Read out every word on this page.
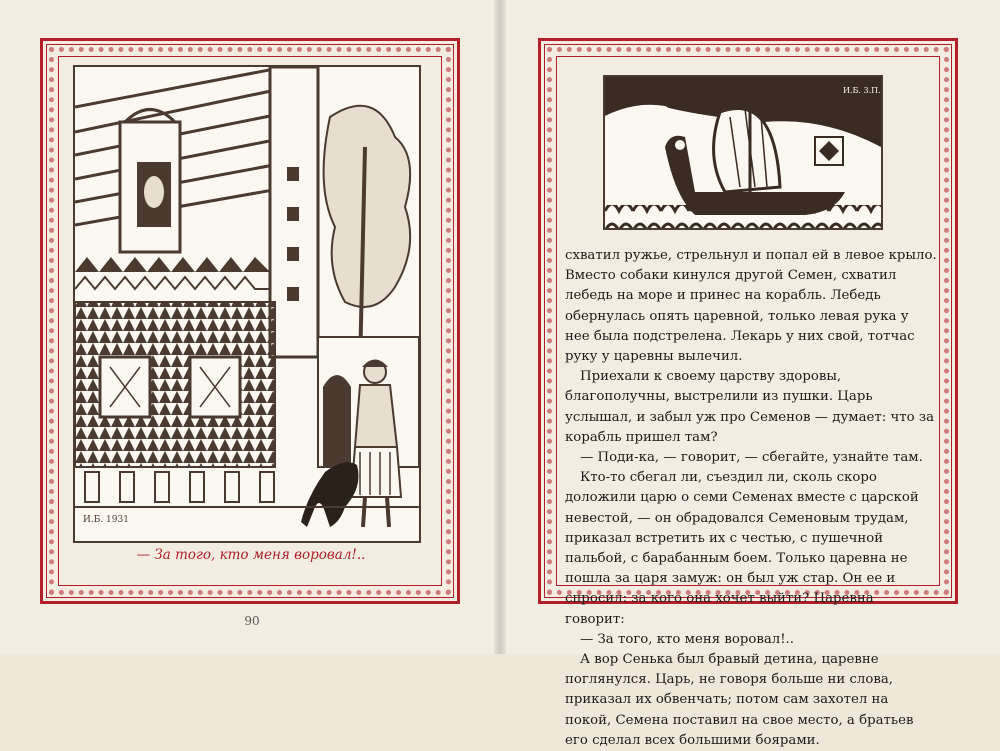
И.Б. 1931
— За того, кто меня воровал!..
90
И.Б. 3.П.

схватил ружье, стрельнул и попал ей в левое крыло. Вместо собаки кинулся другой Семен, схватил лебедь на море и принес на корабль. Лебедь обернулась опять царевной, только левая рука у нее была подстрелена. Лекарь у них свой, тотчас руку у царевны вылечил.

Приехали к своему царству здоровы, благополучны, выстрелили из пушки. Царь услышал, и забыл уж про Семенов — думает: что за корабль пришел там?

— Поди-ка, — говорит, — сбегайте, узнайте там.

Кто-то сбегал ли, съездил ли, сколь скоро доложили царю о семи Семенах вместе с царской невестой, — он обрадовался Семеновым трудам, приказал встретить их с честью, с пушечной пальбой, с барабанным боем. Только царевна не пошла за царя замуж: он был уж стар. Он ее и спросил: за кого она хочет выйти? Царевна говорит:

— За того, кто меня воровал!..

А вор Сенька был бравый детина, царевне поглянулся. Царь, не говоря больше ни слова, приказал их обвенчать; потом сам захотел на покой, Семена поставил на свое место, а братьев его сделал всех большими боярами.
